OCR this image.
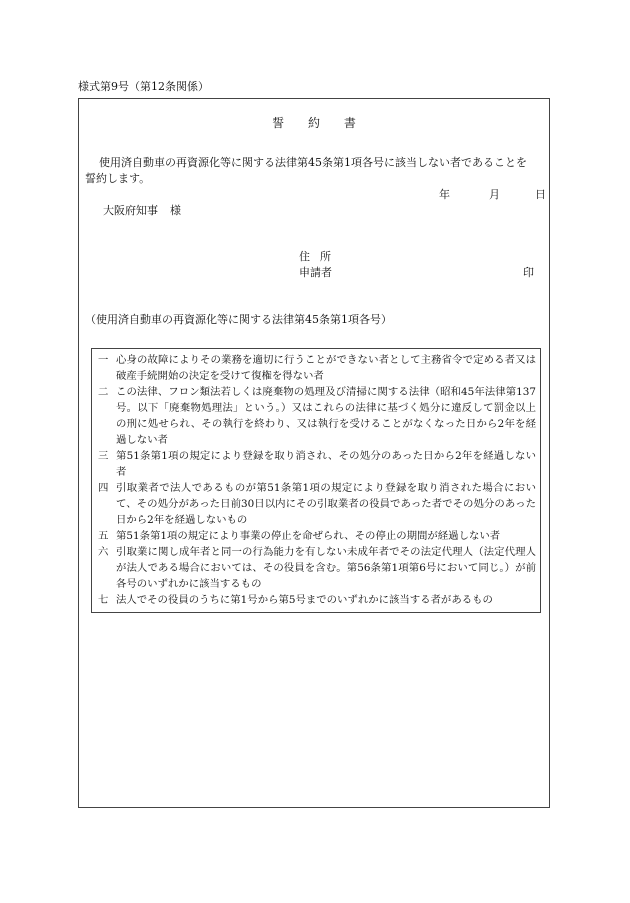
様式第9号（第12条関係）
誓 約 書
使用済自動車の再資源化等に関する法律第45条第1項各号に該当しない者であることを
誓約します。
年	月	日
大阪府知事 様
住 所
申請者	印
（使用済自動車の再資源化等に関する法律第45条第1項各号）
一 心身の故障によりその業務を適切に行うことができない者として主務省令で定める者又は破産手続開始の決定を受けて復権を得ない者
二 この法律、フロン類法若しくは廃棄物の処理及び清掃に関する法律（昭和45年法律第137号。以下「廃棄物処理法」という。）又はこれらの法律に基づく処分に違反して罰金以上の刑に処せられ、その執行を終わり、又は執行を受けることがなくなった日から2年を経過しない者
三 第51条第1項の規定により登録を取り消され、その処分のあった日から2年を経過しない者
四 引取業者で法人であるものが第51条第1項の規定により登録を取り消された場合において、その処分があった日前30日以内にその引取業者の役員であった者でその処分のあった日から2年を経過しないもの
五 第51条第1項の規定により事業の停止を命ぜられ、その停止の期間が経過しない者
六 引取業に関し成年者と同一の行為能力を有しない未成年者でその法定代理人（法定代理人が法人である場合においては、その役員を含む。第56条第1項第6号において同じ。）が前各号のいずれかに該当するもの
七 法人でその役員のうちに第1号から第5号までのいずれかに該当する者があるもの
